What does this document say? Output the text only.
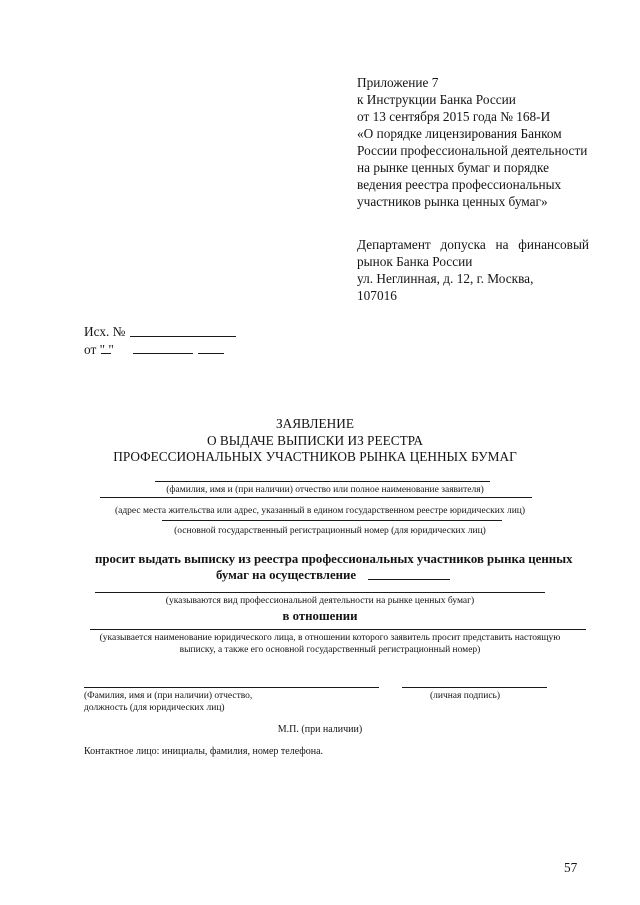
Приложение 7
к Инструкции Банка России
от 13 сентября 2015 года № 168-И
«О порядке лицензирования Банком
России профессиональной деятельности
на рынке ценных бумаг и порядке
ведения реестра профессиональных
участников рынка ценных бумаг»
Департамент допуска на финансовый
рынок Банка России
ул. Неглинная, д. 12, г. Москва,
107016
Исх. №
от " "
ЗАЯВЛЕНИЕ
О ВЫДАЧЕ ВЫПИСКИ ИЗ РЕЕСТРА
ПРОФЕССИОНАЛЬНЫХ УЧАСТНИКОВ РЫНКА ЦЕННЫХ БУМАГ
(фамилия, имя и (при наличии) отчество или полное наименование заявителя)
(адрес места жительства или адрес, указанный в едином государственном реестре юридических лиц)
(основной государственный регистрационный номер (для юридических лиц)
просит выдать выписку из реестра профессиональных участников рынка ценных
бумаг на осуществление
(указываются вид профессиональной деятельности на рынке ценных бумаг)
в отношении
(указывается наименование юридического лица, в отношении которого заявитель просит представить настоящую
выписку, а также его основной государственный регистрационный номер)
(Фамилия, имя и (при наличии) отчество,
должность (для юридических лиц)
(личная подпись)
М.П. (при наличии)
Контактное лицо: инициалы, фамилия, номер телефона.
57
